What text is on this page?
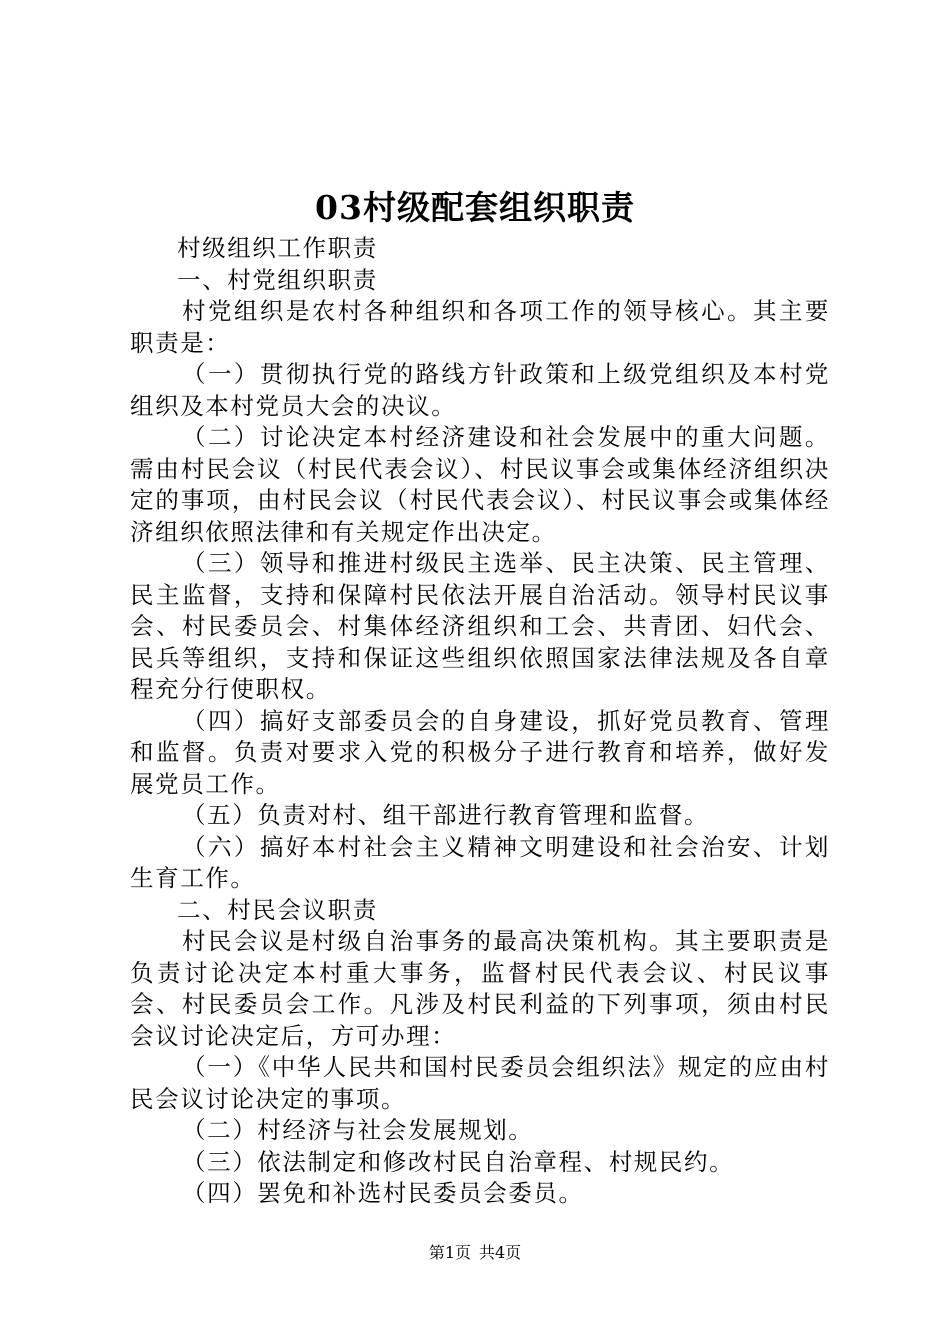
03村级配套组织职责

村级组织工作职责

一、村党组织职责

村党组织是农村各种组织和各项工作的领导核心。其主要职责是：

（一）贯彻执行党的路线方针政策和上级党组织及本村党组织及本村党员大会的决议。

（二）讨论决定本村经济建设和社会发展中的重大问题。需由村民会议（村民代表会议）、村民议事会或集体经济组织决定的事项，由村民会议（村民代表会议）、村民议事会或集体经济组织依照法律和有关规定作出决定。

（三）领导和推进村级民主选举、民主决策、民主管理、民主监督，支持和保障村民依法开展自治活动。领导村民议事会、村民委员会、村集体经济组织和工会、共青团、妇代会、民兵等组织，支持和保证这些组织依照国家法律法规及各自章程充分行使职权。

（四）搞好支部委员会的自身建设，抓好党员教育、管理和监督。负责对要求入党的积极分子进行教育和培养，做好发展党员工作。

（五）负责对村、组干部进行教育管理和监督。

（六）搞好本村社会主义精神文明建设和社会治安、计划生育工作。

二、村民会议职责

村民会议是村级自治事务的最高决策机构。其主要职责是负责讨论决定本村重大事务，监督村民代表会议、村民议事会、村民委员会工作。凡涉及村民利益的下列事项，须由村民会议讨论决定后，方可办理：

（一）《中华人民共和国村民委员会组织法》规定的应由村民会议讨论决定的事项。

（二）村经济与社会发展规划。

（三）依法制定和修改村民自治章程、村规民约。

（四）罢免和补选村民委员会委员。

第1页 共4页
